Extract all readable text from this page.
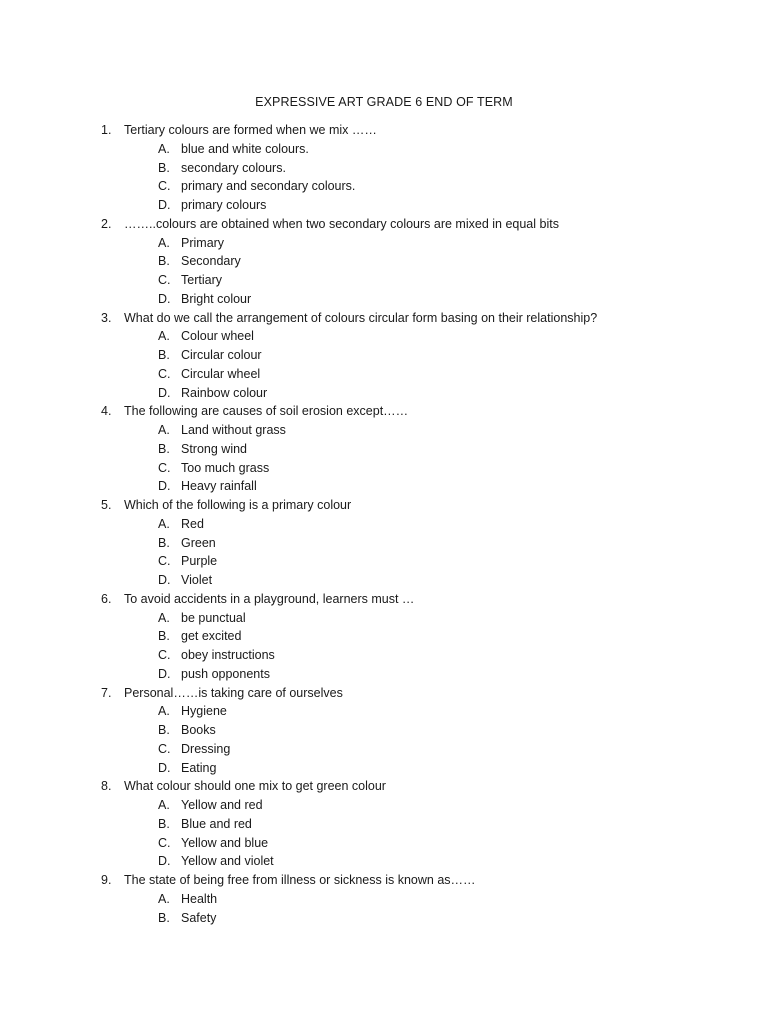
EXPRESSIVE ART GRADE 6 END OF TERM
1.	Tertiary colours are formed when we mix ……
A. blue and white colours.
B. secondary colours.
C. primary and secondary colours.
D. primary colours
2.	……..colours are obtained when two secondary colours are mixed in equal bits
A. Primary
B. Secondary
C. Tertiary
D. Bright colour
3.	What do we call the arrangement of colours circular form basing on their relationship?
A. Colour wheel
B. Circular colour
C. Circular wheel
D. Rainbow colour
4.	The following are causes of soil erosion except……
A. Land without grass
B. Strong wind
C. Too much grass
D. Heavy rainfall
5.	Which of the following is a primary colour
A. Red
B. Green
C. Purple
D. Violet
6.	To avoid accidents in a playground, learners must …
A. be punctual
B. get excited
C. obey instructions
D. push opponents
7.	Personal……is taking care of ourselves
A. Hygiene
B. Books
C. Dressing
D. Eating
8.	What colour should one mix to get green colour
A. Yellow and red
B. Blue and red
C. Yellow and blue
D. Yellow and violet
9.	The state of being free from illness or sickness is known as……
A. Health
B. Safety
